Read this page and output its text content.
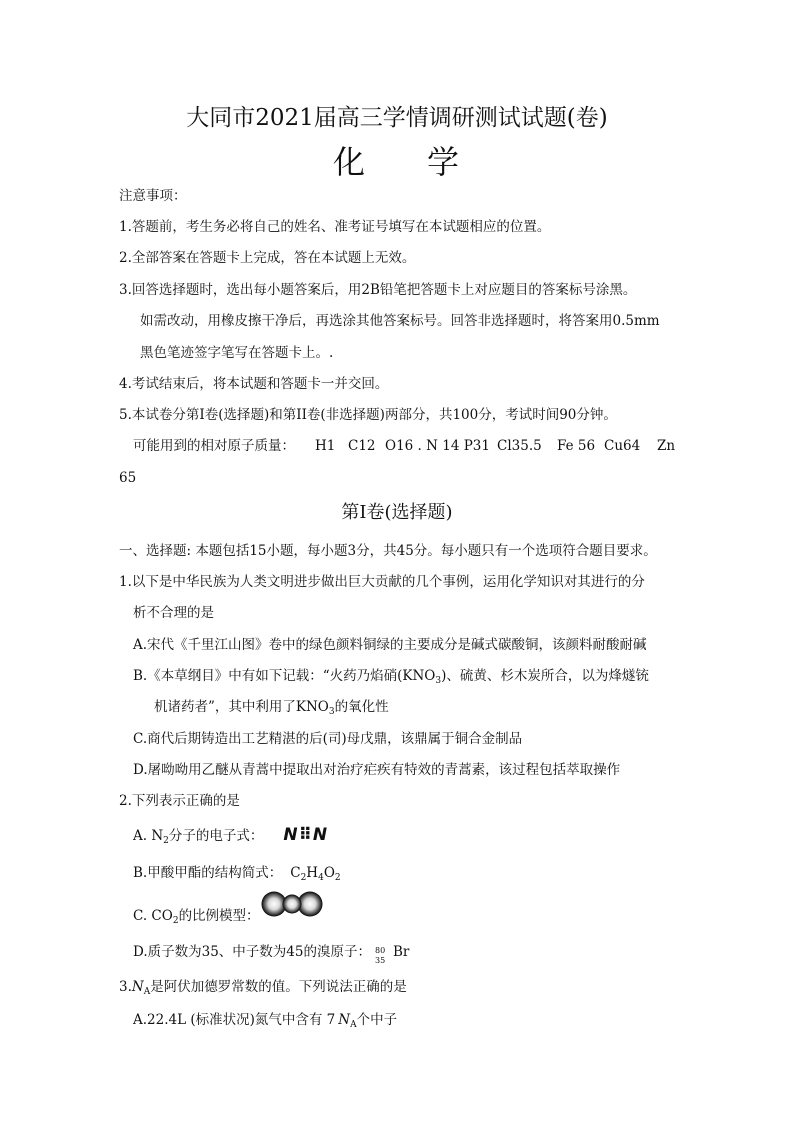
大同市2021届高三学情调研测试试题(卷)
化 学
注意事项：
1.答题前，考生务必将自己的姓名、准考证号填写在本试题相应的位置。
2.全部答案在答题卡上完成，答在本试题上无效。
3.回答选择题时，选出每小题答案后，用2B铅笔把答题卡上对应题目的答案标号涂黑。
如需改动，用橡皮擦干净后，再选涂其他答案标号。回答非选择题时，将答案用0.5mm
黑色笔迹签字笔写在答题卡上。.
4.考试结束后，将本试题和答题卡一并交回。
5.本试卷分第I卷(选择题)和第II卷(非选择题)两部分，共100分，考试时间90分钟。
可能用到的相对原子质量： H1 C12 O16 . N 14 P31 Cl35.5 Fe 56 Cu64 Zn
65
第I卷(选择题)
一、选择题: 本题包括15小题，每小题3分，共45分。每小题只有一个选项符合题目要求。
1.以下是中华民族为人类文明进步做出巨大贡献的几个事例，运用化学知识对其进行的分
析不合理的是
A.宋代《千里江山图》卷中的绿色颜料铜绿的主要成分是碱式碳酸铜，该颜料耐酸耐碱
B.《本草纲目》中有如下记载：“火药乃焰硝$(KNO_3)$、硫黄、杉木炭所合，以为烽燧铳
机诸药者”，其中利用了$KNO_3$的氧化性
C.商代后期铸造出工艺精湛的后(司)母戊鼎，该鼎属于铜合金制品
D.屠呦呦用乙醚从青蒿中提取出对治疗疟疾有特效的青蒿素，该过程包括萃取操作
2.下列表示正确的是
A. $N_2$分子的电子式： N⠿N
B.甲酸甲酯的结构简式： $C_2H_4O_2$
C. $CO_2$的比例模型：
D.质子数为35、中子数为45的溴原子： 80
35 Br
$3.N_A$是阿伏加德罗常数的值。下列说法正确的是
A.22.4L (标准状况)氮气中含有 7 $N_A$个中子
